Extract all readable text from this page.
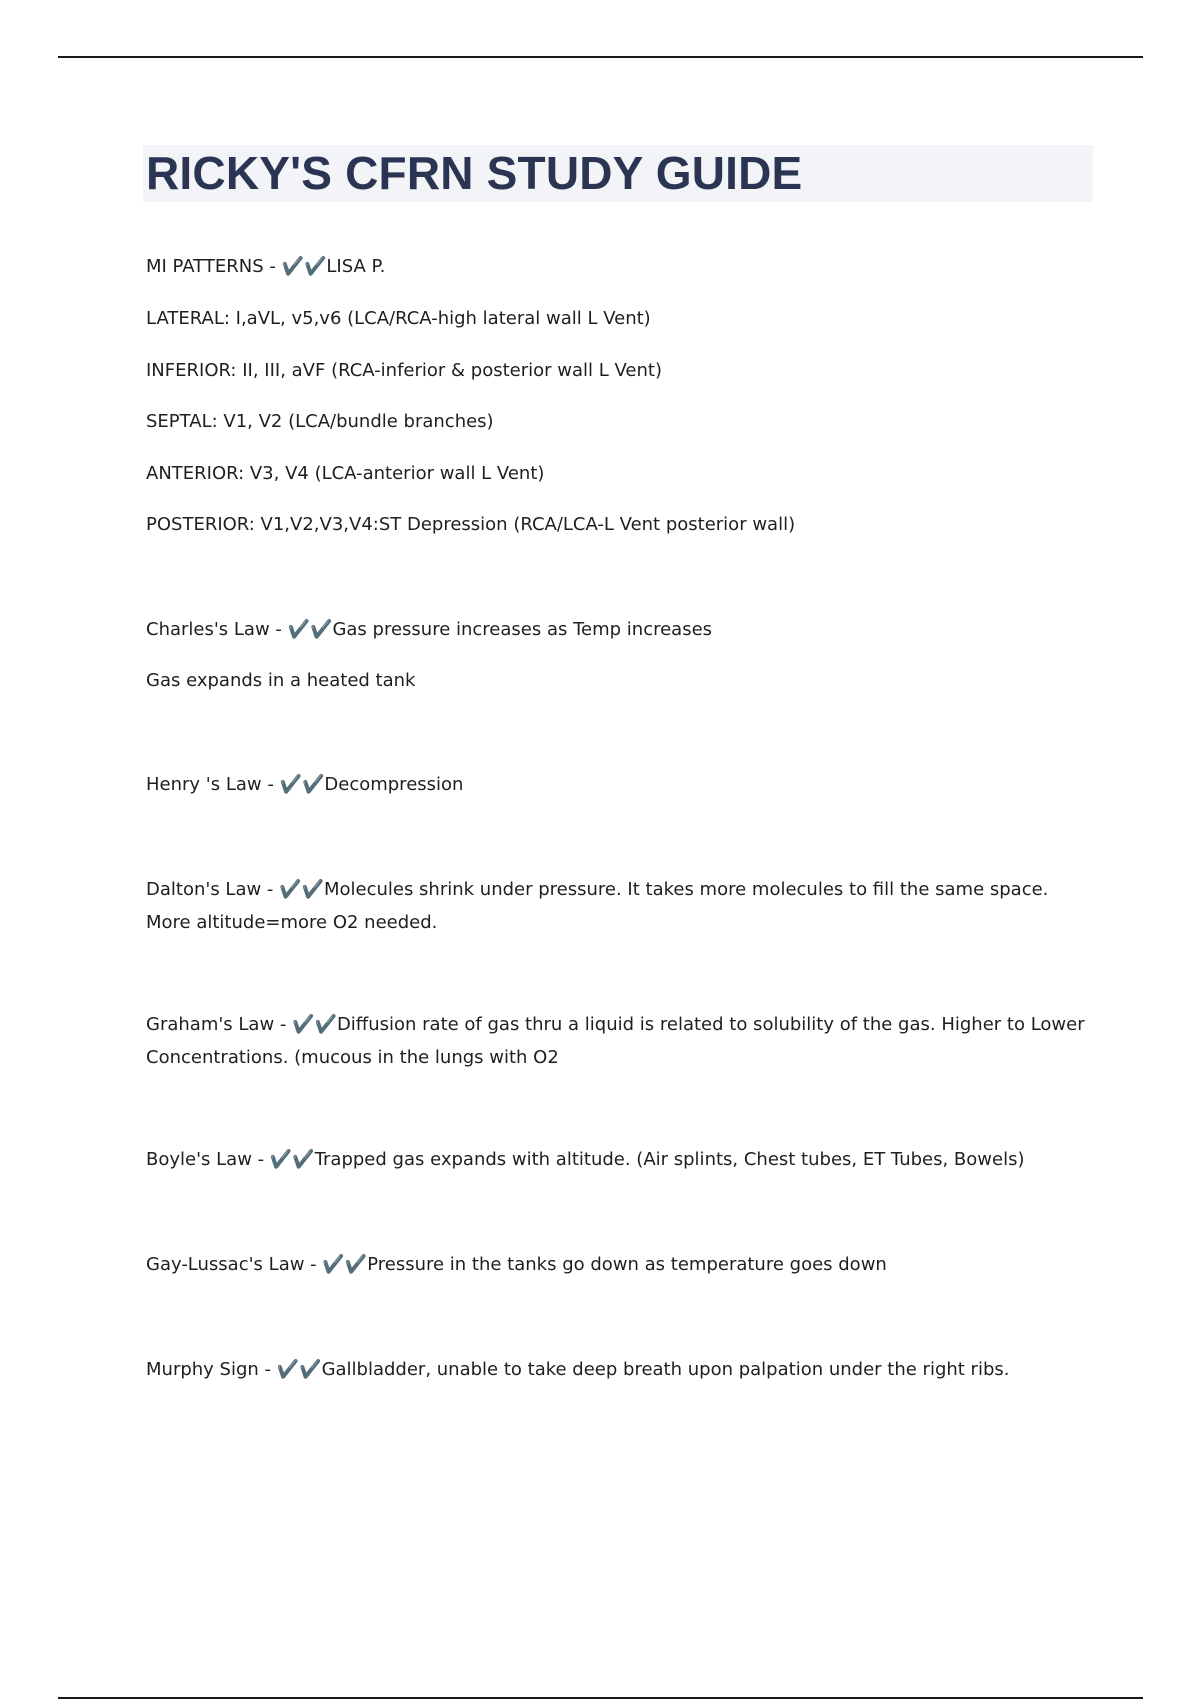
RICKY'S CFRN STUDY GUIDE

MI PATTERNS - ✔️✔️LISA P.

LATERAL: I,aVL, v5,v6 (LCA/RCA-high lateral wall L Vent)

INFERIOR: II, III, aVF (RCA-inferior & posterior wall L Vent)

SEPTAL: V1, V2 (LCA/bundle branches)

ANTERIOR: V3, V4 (LCA-anterior wall L Vent)

POSTERIOR: V1,V2,V3,V4:ST Depression (RCA/LCA-L Vent posterior wall)

Charles's Law - ✔️✔️Gas pressure increases as Temp increases

Gas expands in a heated tank

Henry 's Law - ✔️✔️Decompression

Dalton's Law - ✔️✔️Molecules shrink under pressure. It takes more molecules to fill the same space. More altitude=more O2 needed.

Graham's Law - ✔️✔️Diffusion rate of gas thru a liquid is related to solubility of the gas. Higher to Lower Concentrations. (mucous in the lungs with O2

Boyle's Law - ✔️✔️Trapped gas expands with altitude. (Air splints, Chest tubes, ET Tubes, Bowels)

Gay-Lussac's Law - ✔️✔️Pressure in the tanks go down as temperature goes down

Murphy Sign - ✔️✔️Gallbladder, unable to take deep breath upon palpation under the right ribs.
